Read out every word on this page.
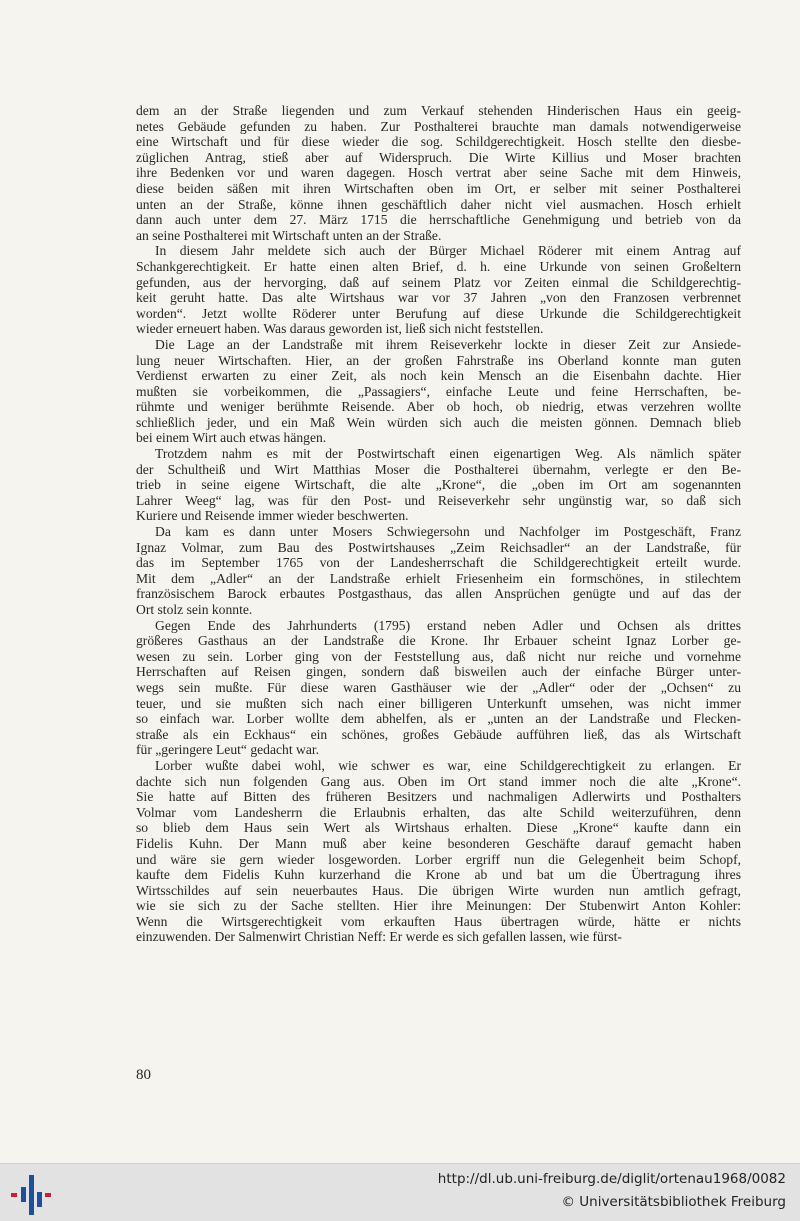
dem an der Straße liegenden und zum Verkauf stehenden Hinderischen Haus ein geeig-
netes Gebäude gefunden zu haben. Zur Posthalterei brauchte man damals notwendigerweise
eine Wirtschaft und für diese wieder die sog. Schildgerechtigkeit. Hosch stellte den diesbe-
züglichen Antrag, stieß aber auf Widerspruch. Die Wirte Killius und Moser brachten
ihre Bedenken vor und waren dagegen. Hosch vertrat aber seine Sache mit dem Hinweis,
diese beiden säßen mit ihren Wirtschaften oben im Ort, er selber mit seiner Posthalterei
unten an der Straße, könne ihnen geschäftlich daher nicht viel ausmachen. Hosch erhielt
dann auch unter dem 27. März 1715 die herrschaftliche Genehmigung und betrieb von da
an seine Posthalterei mit Wirtschaft unten an der Straße.

In diesem Jahr meldete sich auch der Bürger Michael Röderer mit einem Antrag auf
Schankgerechtigkeit. Er hatte einen alten Brief, d. h. eine Urkunde von seinen Großeltern
gefunden, aus der hervorging, daß auf seinem Platz vor Zeiten einmal die Schildgerechtig-
keit geruht hatte. Das alte Wirtshaus war vor 37 Jahren „von den Franzosen verbrennet
worden“. Jetzt wollte Röderer unter Berufung auf diese Urkunde die Schildgerechtigkeit
wieder erneuert haben. Was daraus geworden ist, ließ sich nicht feststellen.

Die Lage an der Landstraße mit ihrem Reiseverkehr lockte in dieser Zeit zur Ansiede-
lung neuer Wirtschaften. Hier, an der großen Fahrstraße ins Oberland konnte man guten
Verdienst erwarten zu einer Zeit, als noch kein Mensch an die Eisenbahn dachte. Hier
mußten sie vorbeikommen, die „Passagiers“, einfache Leute und feine Herrschaften, be-
rühmte und weniger berühmte Reisende. Aber ob hoch, ob niedrig, etwas verzehren wollte
schließlich jeder, und ein Maß Wein würden sich auch die meisten gönnen. Demnach blieb
bei einem Wirt auch etwas hängen.

Trotzdem nahm es mit der Postwirtschaft einen eigenartigen Weg. Als nämlich später
der Schultheiß und Wirt Matthias Moser die Posthalterei übernahm, verlegte er den Be-
trieb in seine eigene Wirtschaft, die alte „Krone“, die „oben im Ort am sogenannten
Lahrer Weeg“ lag, was für den Post- und Reiseverkehr sehr ungünstig war, so daß sich
Kuriere und Reisende immer wieder beschwerten.

Da kam es dann unter Mosers Schwiegersohn und Nachfolger im Postgeschäft, Franz
Ignaz Volmar, zum Bau des Postwirtshauses „Zeim Reichsadler“ an der Landstraße, für
das im September 1765 von der Landesherrschaft die Schildgerechtigkeit erteilt wurde.
Mit dem „Adler“ an der Landstraße erhielt Friesenheim ein formschönes, in stilechtem
französischem Barock erbautes Postgasthaus, das allen Ansprüchen genügte und auf das der
Ort stolz sein konnte.

Gegen Ende des Jahrhunderts (1795) erstand neben Adler und Ochsen als drittes
größeres Gasthaus an der Landstraße die Krone. Ihr Erbauer scheint Ignaz Lorber ge-
wesen zu sein. Lorber ging von der Feststellung aus, daß nicht nur reiche und vornehme
Herrschaften auf Reisen gingen, sondern daß bisweilen auch der einfache Bürger unter-
wegs sein mußte. Für diese waren Gasthäuser wie der „Adler“ oder der „Ochsen“ zu
teuer, und sie mußten sich nach einer billigeren Unterkunft umsehen, was nicht immer
so einfach war. Lorber wollte dem abhelfen, als er „unten an der Landstraße und Flecken-
straße als ein Eckhaus“ ein schönes, großes Gebäude aufführen ließ, das als Wirtschaft
für „geringere Leut“ gedacht war.

Lorber wußte dabei wohl, wie schwer es war, eine Schildgerechtigkeit zu erlangen. Er
dachte sich nun folgenden Gang aus. Oben im Ort stand immer noch die alte „Krone“.
Sie hatte auf Bitten des früheren Besitzers und nachmaligen Adlerwirts und Posthalters
Volmar vom Landesherrn die Erlaubnis erhalten, das alte Schild weiterzuführen, denn
so blieb dem Haus sein Wert als Wirtshaus erhalten. Diese „Krone“ kaufte dann ein
Fidelis Kuhn. Der Mann muß aber keine besonderen Geschäfte darauf gemacht haben
und wäre sie gern wieder losgeworden. Lorber ergriff nun die Gelegenheit beim Schopf,
kaufte dem Fidelis Kuhn kurzerhand die Krone ab und bat um die Übertragung ihres
Wirtsschildes auf sein neuerbautes Haus. Die übrigen Wirte wurden nun amtlich gefragt,
wie sie sich zu der Sache stellten. Hier ihre Meinungen: Der Stubenwirt Anton Kohler:
Wenn die Wirtsgerechtigkeit vom erkauften Haus übertragen würde, hätte er nichts
einzuwenden. Der Salmenwirt Christian Neff: Er werde es sich gefallen lassen, wie fürst-

80
http://dl.ub.uni-freiburg.de/diglit/ortenau1968/0082
© Universitätsbibliothek Freiburg
